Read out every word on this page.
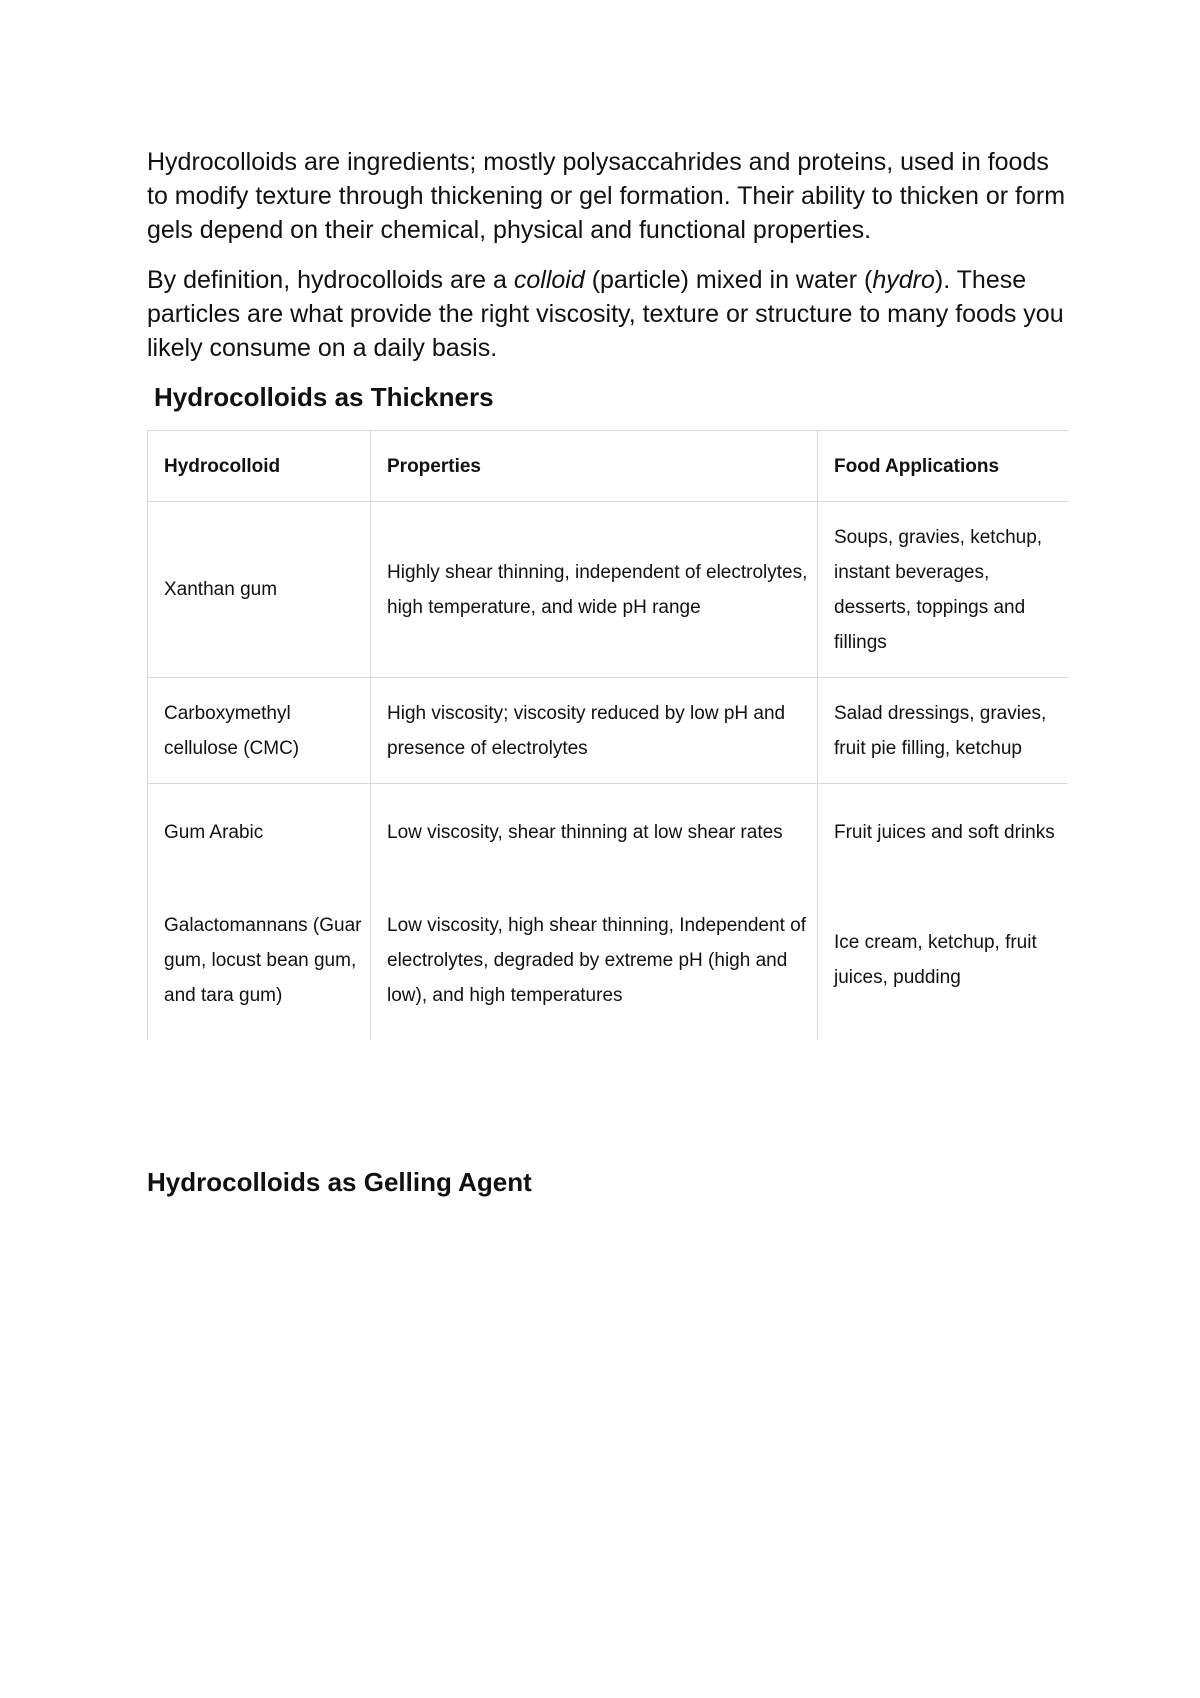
Hydrocolloids are ingredients; mostly polysaccahrides and proteins, used in foods to modify texture through thickening or gel formation. Their ability to thicken or form gels depend on their chemical, physical and functional properties.

By definition, hydrocolloids are a colloid (particle) mixed in water (hydro). These particles are what provide the right viscosity, texture or structure to many foods you likely consume on a daily basis.

Hydrocolloids as Thickners
Hydrocolloid	Properties	Food Applications
Xanthan gum	Highly shear thinning, independent of electrolytes, high temperature, and wide pH range	Soups, gravies, ketchup, instant beverages, desserts, toppings and fillings
Carboxymethyl cellulose (CMC)	High viscosity; viscosity reduced by low pH and presence of electrolytes	Salad dressings, gravies, fruit pie filling, ketchup
Gum Arabic	Low viscosity, shear thinning at low shear rates	Fruit juices and soft drinks
Galactomannans (Guar gum, locust bean gum, and tara gum)	Low viscosity, high shear thinning, Independent of electrolytes, degraded by extreme pH (high and low), and high temperatures	Ice cream, ketchup, fruit juices, pudding
Hydrocolloids as Gelling Agent
